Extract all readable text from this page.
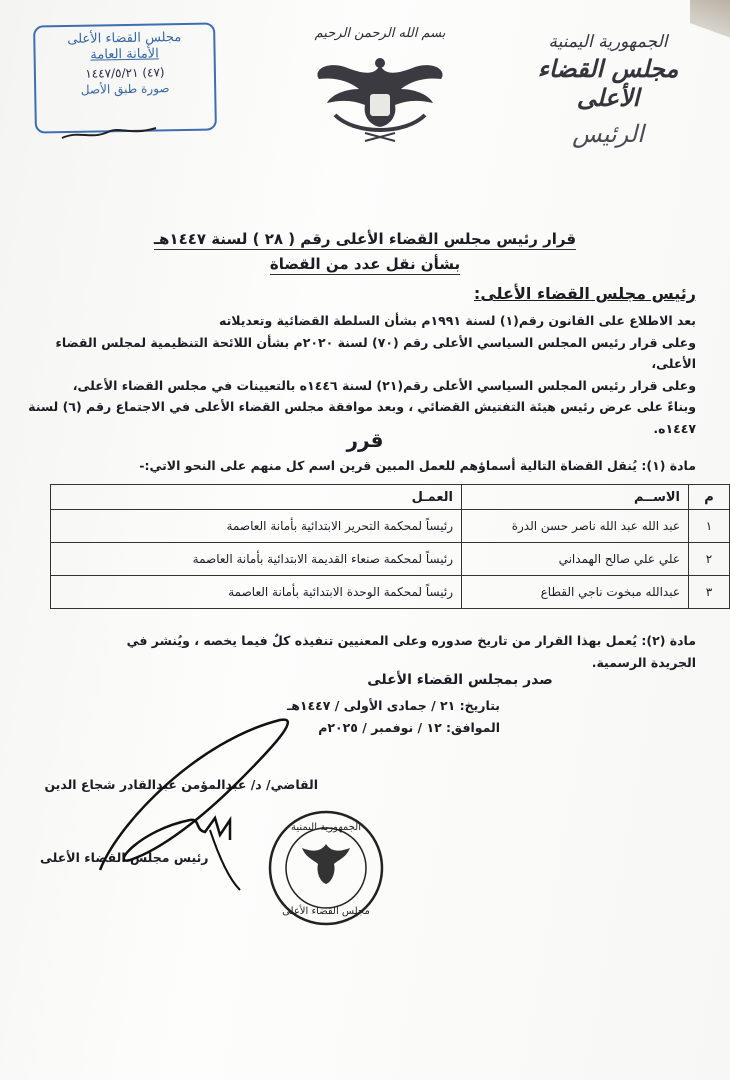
الجمهورية اليمنية
مجلس القضاء الأعلى
الرئيس
بسم الله الرحمن الرحيم
مجلس القضاء الأعلى
الأمانة العامة
(٤٧) ١٤٤٧/٥/٢١
صورة طبق الأصل
قرار رئيس مجلس القضاء الأعلى رقم ( ٢٨ ) لسنة ١٤٤٧هـ
بشأن نقل عدد من القضاة
رئيس مجلس القضاء الأعلى:
بعد الاطلاع على القانون رقم(١) لسنة ١٩٩١م بشأن السلطة القضائية وتعديلاته
وعلى قرار رئيس المجلس السياسي الأعلى رقم (٧٠) لسنة ٢٠٢٠م بشأن اللائحة التنظيمية لمجلس القضاء الأعلى،
وعلى قرار رئيس المجلس السياسي الأعلى رقم(٢١) لسنة ١٤٤٦ه بالتعيينات في مجلس القضاء الأعلى،
وبناءً على عرض رئيس هيئة التفتيش القضائي ، وبعد موافقة مجلس القضاء الأعلى في الاجتماع رقم (٦) لسنة ١٤٤٧ه.
قرر
مادة (١): يُنقل القضاة التالية أسماؤهم للعمل المبين قرين اسم كل منهم على النحو الاتي:-
م	الاســم	العمـل
١	عبد الله عبد الله ناصر حسن الدرة	رئيساً لمحكمة التحرير الابتدائية بأمانة العاصمة
٢	علي علي صالح الهمداني	رئيساً لمحكمة صنعاء القديمة الابتدائية بأمانة العاصمة
٣	عبدالله مبخوت ناجي القطاع	رئيساً لمحكمة الوحدة الابتدائية بأمانة العاصمة
مادة (٢): يُعمل بهذا القرار من تاريخ صدوره وعلى المعنيين تنفيذه كلٌ فيما يخصه ، ويُنشر في
الجريدة الرسمية.
صدر بمجلس القضاء الأعلى
بتاريخ: ٢١ / جمادى الأولى / ١٤٤٧هـ
الموافق: ١٢ / نوفمبر / ٢٠٢٥م
القاضي/ د/ عبدالمؤمن عبدالقادر شجاع الدين
رئيس مجلس القضاء الأعلى
الجمهورية اليمنية
مجلس القضاء الأعلى
